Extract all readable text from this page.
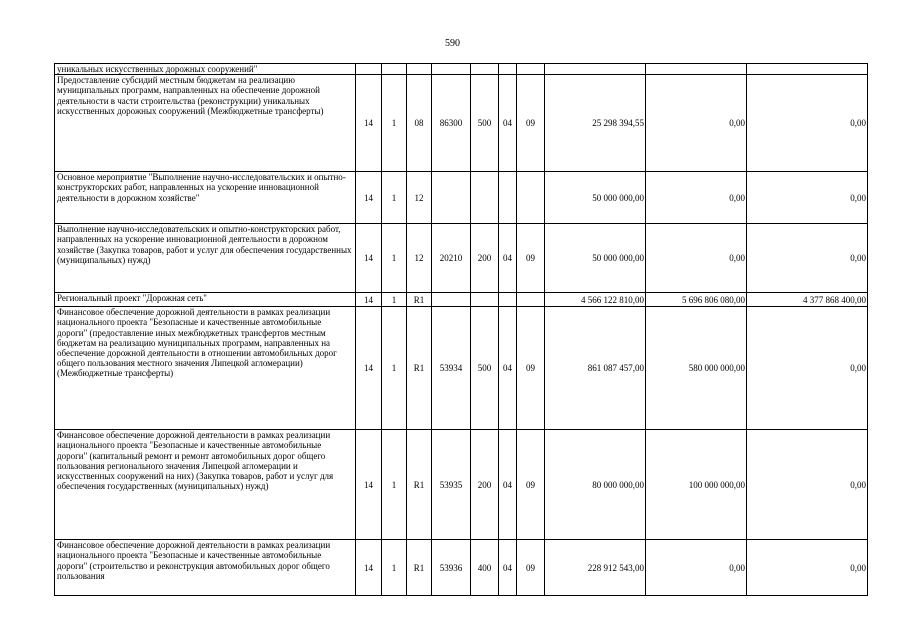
590
уникальных искусственных дорожных сооружений"										
Предоставление субсидий местным бюджетам на реализацию муниципальных программ, направленных на обеспечение дорожной деятельности в части строительства (реконструкции) уникальных искусственных дорожных сооружений (Межбюджетные трансферты)	14	1	08	86300	500	04	09	25 298 394,55	0,00	0,00
Основное мероприятие "Выполнение научно-исследовательских и опытно-конструкторских работ, направленных на ускорение инновационной деятельности в дорожном хозяйстве"	14	1	12					50 000 000,00	0,00	0,00
Выполнение научно-исследовательских и опытно-конструкторских работ, направленных на ускорение инновационной деятельности в дорожном хозяйстве (Закупка товаров, работ и услуг для обеспечения государственных (муниципальных) нужд)	14	1	12	20210	200	04	09	50 000 000,00	0,00	0,00
Региональный проект "Дорожная сеть"	14	1	R1					4 566 122 810,00	5 696 806 080,00	4 377 868 400,00
Финансовое обеспечение дорожной деятельности в рамках реализации национального проекта "Безопасные и качественные автомобильные дороги" (предоставление иных межбюджетных трансфертов местным бюджетам на реализацию муниципальных программ, направленных на обеспечение дорожной деятельности в отношении автомобильных дорог общего пользования местного значения Липецкой агломерации) (Межбюджетные трансферты)	14	1	R1	53934	500	04	09	861 087 457,00	580 000 000,00	0,00
Финансовое обеспечение дорожной деятельности в рамках реализации национального проекта "Безопасные и качественные автомобильные дороги" (капитальный ремонт и ремонт автомобильных дорог общего пользования регионального значения Липецкой агломерации и искусственных сооружений на них) (Закупка товаров, работ и услуг для обеспечения государственных (муниципальных) нужд)	14	1	R1	53935	200	04	09	80 000 000,00	100 000 000,00	0,00
Финансовое обеспечение дорожной деятельности в рамках реализации национального проекта "Безопасные и качественные автомобильные дороги" (строительство и реконструкция автомобильных дорог общего пользования	14	1	R1	53936	400	04	09	228 912 543,00	0,00	0,00
